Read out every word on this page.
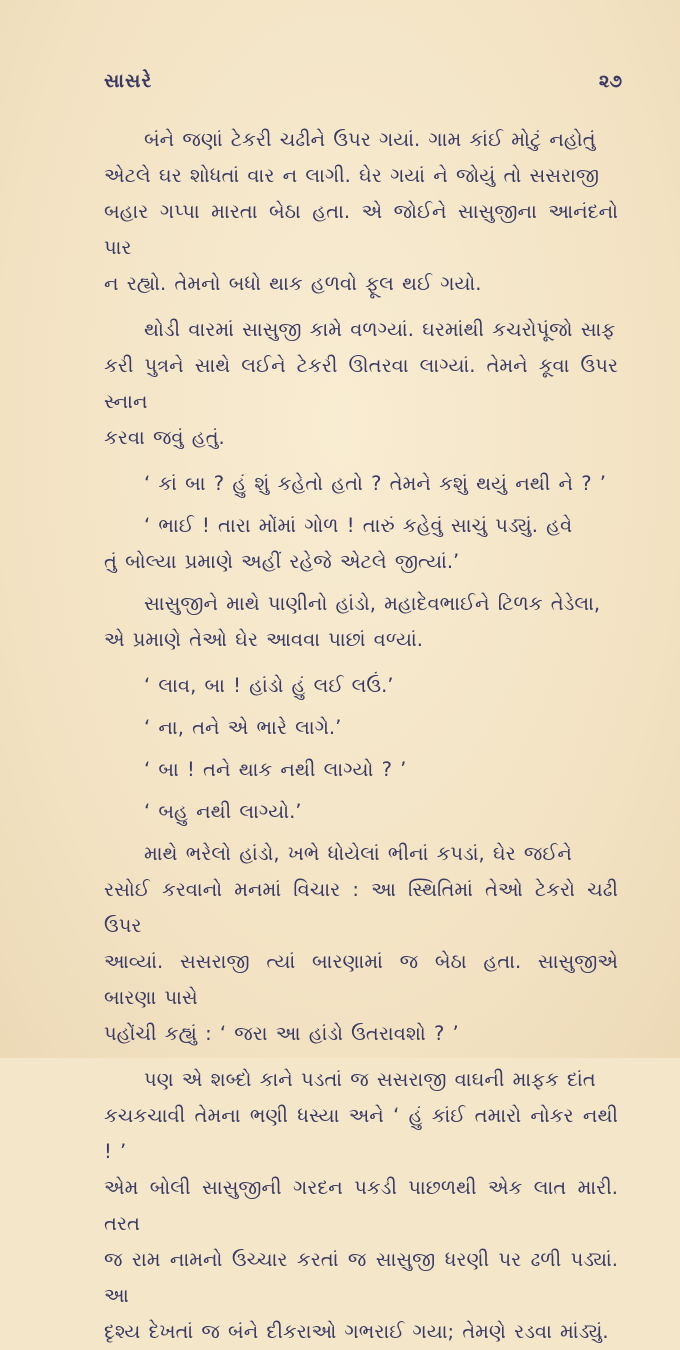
સાસરે	૨૭

બંને જણાં ટેકરી ચઢીને ઉપર ગયાં. ગામ કાંઈ મોટું નહોતું
એટલે ઘર શોધતાં વાર ન લાગી. ઘેર ગયાં ને જોયું તો સસરાજી
બહાર ગપ્પા મારતા બેઠા હતા. એ જોઈને સાસુજીના આનંદનો પાર
ન રહ્યો. તેમનો બધો થાક હળવો ફૂલ થઈ ગયો.

થોડી વારમાં સાસુજી કામે વળગ્યાં. ઘરમાંથી કચરોપૂંજો સાફ
કરી પુત્રને સાથે લઈને ટેકરી ઊતરવા લાગ્યાં. તેમને કૂવા ઉપર સ્નાન
કરવા જવું હતું.

‘ કાં બા ? હું શું કહેતો હતો ? તેમને કશું થયું નથી ને ? ’

‘ ભાઈ ! તારા મોંમાં ગોળ ! તારું કહેવું સાચું પડ્યું. હવે
તું બોલ્યા પ્રમાણે અહીં રહેજે એટલે જીત્યાં.’

સાસુજીને માથે પાણીનો હાંડો, મહાદેવભાઈને ટિળક તેડેલા,
એ પ્રમાણે તેઓ ઘેર આવવા પાછાં વળ્યાં.

‘ લાવ, બા ! હાંડો હું લઈ લઉં.’

‘ ના, તને એ ભારે લાગે.’

‘ બા ! તને થાક નથી લાગ્યો ? ’

‘ બહુ નથી લાગ્યો.’

માથે ભરેલો હાંડો, ખભે ધોયેલાં ભીનાં કપડાં, ઘેર જઈને
રસોઈ કરવાનો મનમાં વિચાર : આ સ્થિતિમાં તેઓ ટેકરો ચઢી ઉપર
આવ્યાં. સસરાજી ત્યાં બારણામાં જ બેઠા હતા. સાસુજીએ બારણા પાસે
પહોંચી કહ્યું : ‘ જરા આ હાંડો ઉતરાવશો ? ’

પણ એ શબ્દો કાને પડતાં જ સસરાજી વાઘની માફક દાંત
કચકચાવી તેમના ભણી ધસ્યા અને ‘ હું કાંઈ તમારો નોકર નથી ! ’
એમ બોલી સાસુજીની ગરદન પકડી પાછળથી એક લાત મારી. તરત
જ રામ નામનો ઉચ્ચાર કરતાં જ સાસુજી ધરણી પર ઢળી પડ્યાં. આ
દૃશ્ય દેખતાં જ બંને દીકરાઓ ગભરાઈ ગયા; તેમણે રડવા માંડ્યું.
